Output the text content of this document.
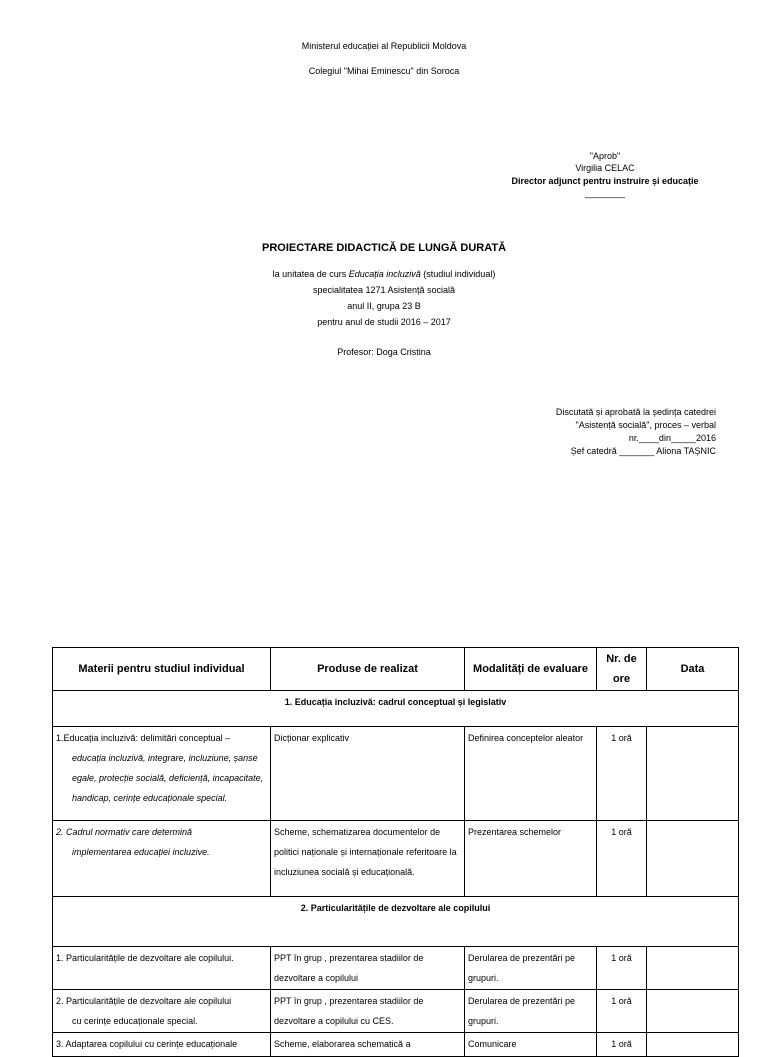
Ministerul educației al Republicii Moldova
Colegiul "Mihai Eminescu" din Soroca
"Aprob"
Virgilia CELAC
Director adjunct pentru instruire și educație
________
PROIECTARE DIDACTICĂ DE LUNGĂ DURATĂ
la unitatea de curs Educația incluzivă (studiul individual)
specialitatea 1271 Asistență socială
anul II, grupa 23 B
pentru anul de studii 2016 – 2017
Profesor: Doga Cristina
Discutată și aprobată la ședința catedrei
"Asistență socială", proces – verbal
nr.____din_____2016
Șef catedră _______ Aliona TAȘNIC
Materii pentru studiul individual	Produse de realizat	Modalități de evaluare	Nr. de ore	Data
1. Educația incluzivă: cadrul conceptual și legislativ				

1.Educația incluzivă: delimitări conceptual –
educația incluzivă, integrare, incluziune, șanse egale, protecție socială, deficiență, incapacitate, handicap, cerințe educaționale special.	Dicționar explicativ	Definirea conceptelor aleator	1 oră	

2. Cadrul normativ care determină
implementarea educației incluzive.	Scheme, schematizarea documentelor de politici naționale și internaționale referitoare la incluziunea socială și educațională.	Prezentarea schemelor	1 oră	
2. Particularitățile de dezvoltare ale copilului				
1. Particularitățile de dezvoltare ale copilului.	PPT în grup , prezentarea stadiilor de dezvoltare a copilului	Derularea de prezentări pe grupuri.	1 oră	

2. Particularitățile de dezvoltare ale copilului
cu cerințe educaționale special.	PPT în grup , prezentarea stadiilor de dezvoltare a copilului cu CES.	Derularea de prezentări pe grupuri.	1 oră	
3. Adaptarea copilului cu cerințe educaționale	Scheme, elaborarea schematică a	Comunicare	1 oră	
